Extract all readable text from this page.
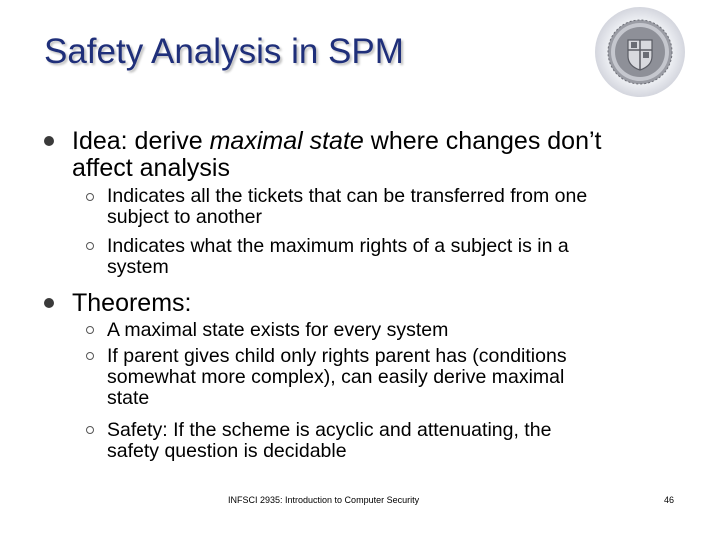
Safety Analysis in SPM
Idea: derive maximal state where changes don’t
affect analysis
Indicates all the tickets that can be transferred from one
subject to another
Indicates what the maximum rights of a subject is in a
system
Theorems:
A maximal state exists for every system
If parent gives child only rights parent has (conditions
somewhat more complex), can easily derive maximal
state
Safety: If the scheme is acyclic and attenuating, the
safety question is decidable
INFSCI 2935: Introduction to Computer Security	46
